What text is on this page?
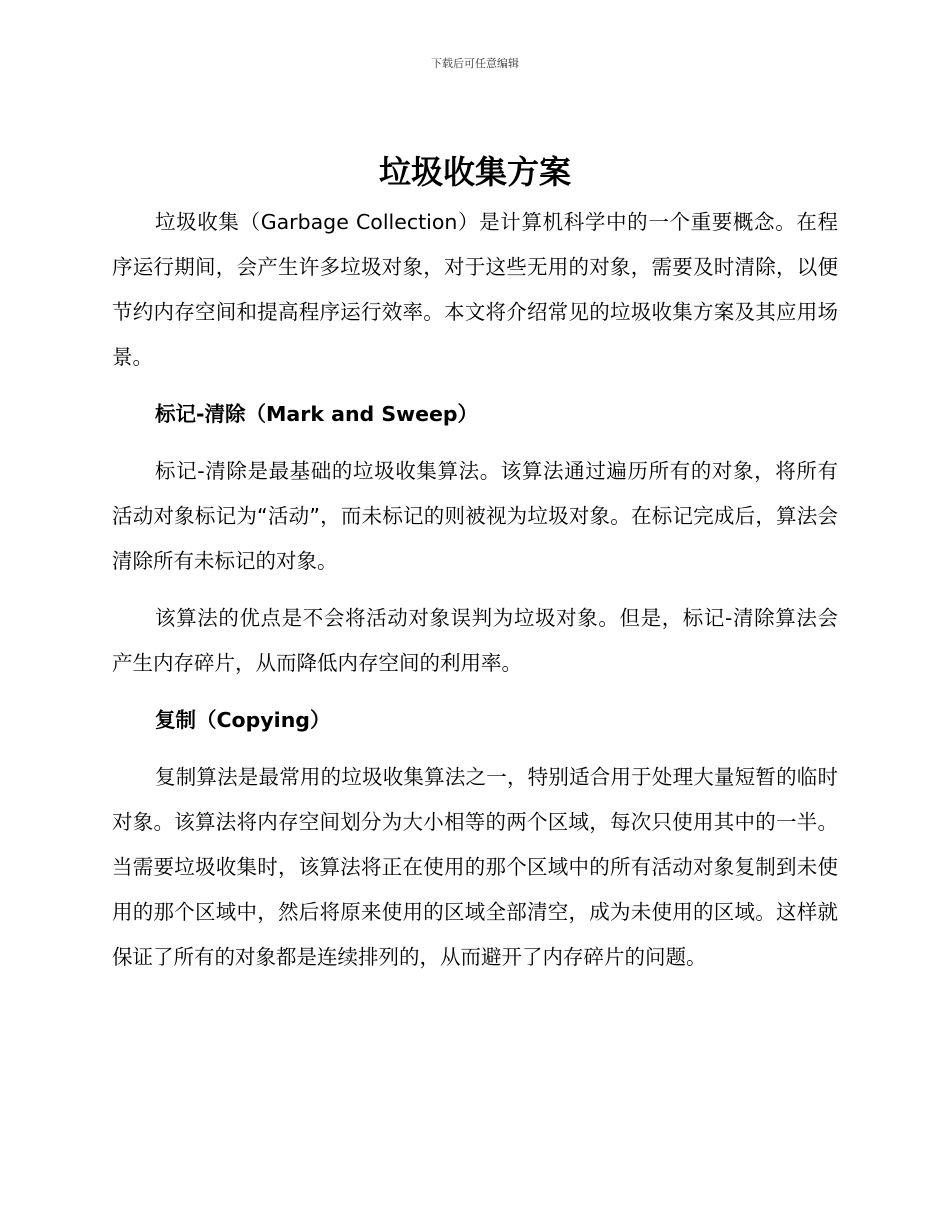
下载后可任意编辑
垃圾收集方案

垃圾收集（Garbage Collection）是计算机科学中的一个重要概念。在程序运行期间，会产生许多垃圾对象，对于这些无用的对象，需要及时清除，以便节约内存空间和提高程序运行效率。本文将介绍常见的垃圾收集方案及其应用场景。

标记-清除（Mark and Sweep）

标记-清除是最基础的垃圾收集算法。该算法通过遍历所有的对象，将所有活动对象标记为“活动”，而未标记的则被视为垃圾对象。在标记完成后，算法会清除所有未标记的对象。

该算法的优点是不会将活动对象误判为垃圾对象。但是，标记-清除算法会产生内存碎片，从而降低内存空间的利用率。

复制（Copying）

复制算法是最常用的垃圾收集算法之一，特别适合用于处理大量短暂的临时对象。该算法将内存空间划分为大小相等的两个区域，每次只使用其中的一半。当需要垃圾收集时，该算法将正在使用的那个区域中的所有活动对象复制到未使用的那个区域中，然后将原来使用的区域全部清空，成为未使用的区域。这样就保证了所有的对象都是连续排列的，从而避开了内存碎片的问题。
